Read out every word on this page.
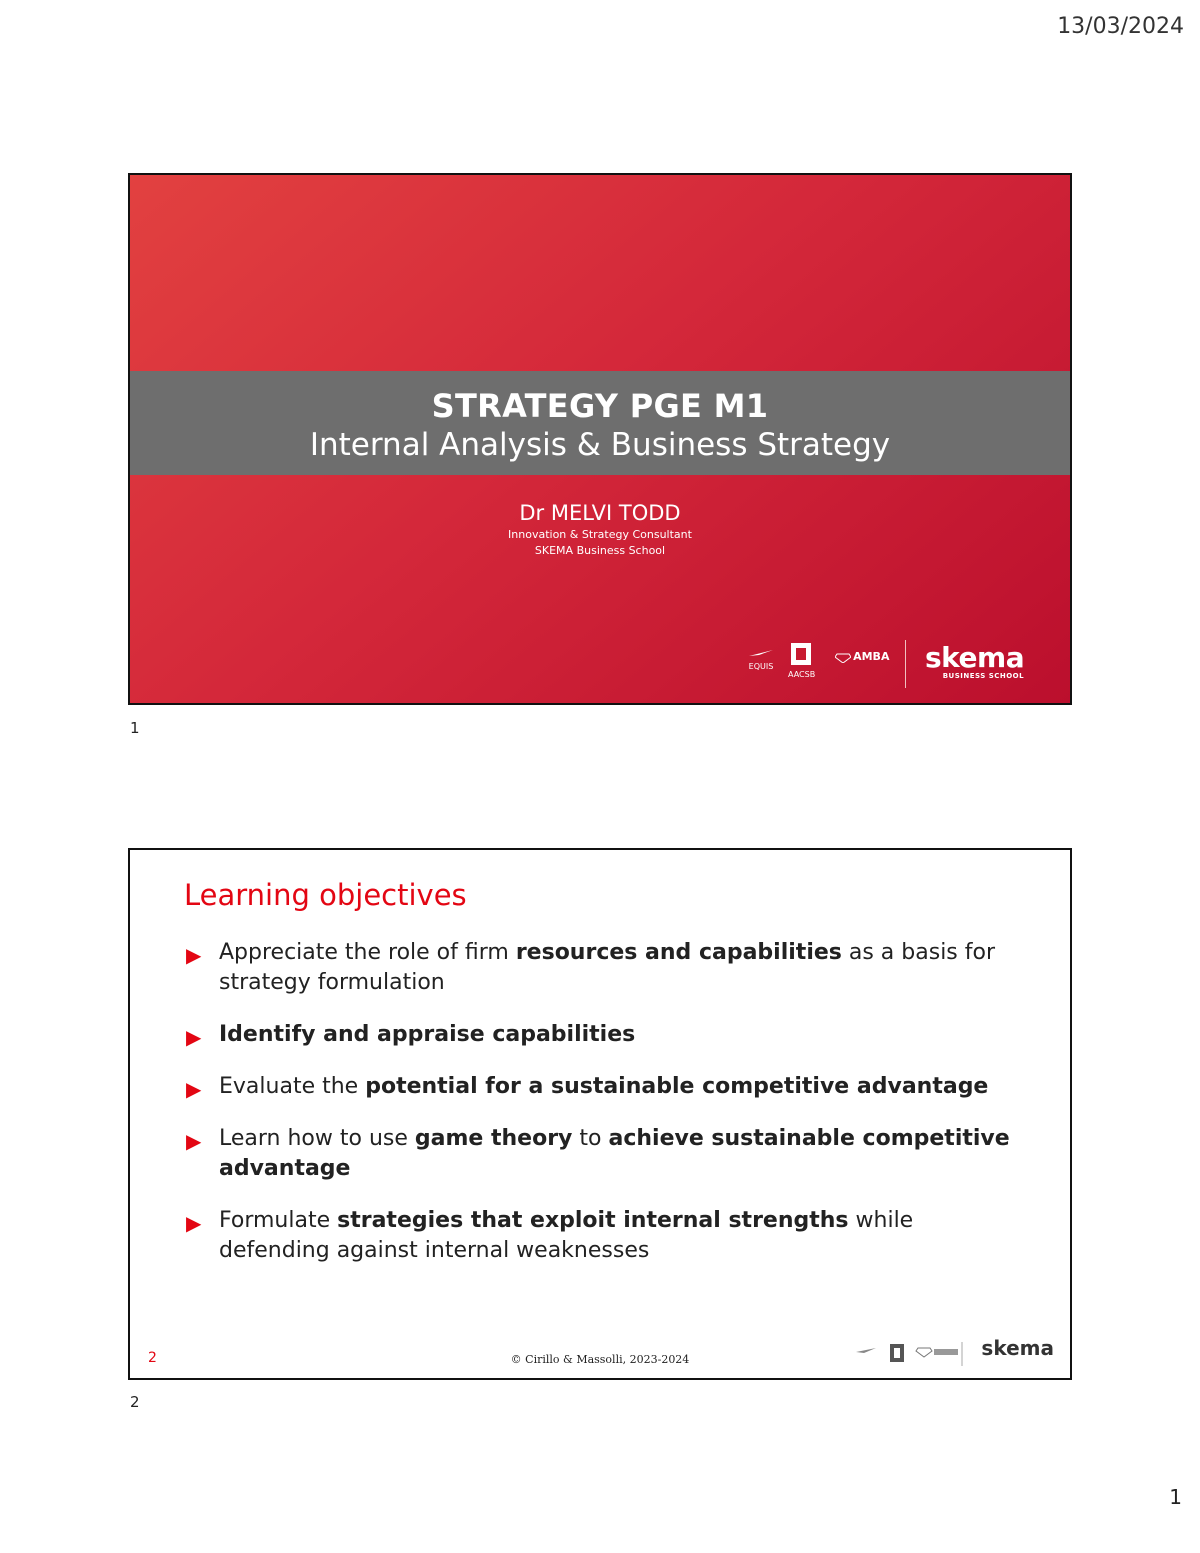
13/03/2024
STRATEGY PGE M1
Internal Analysis & Business Strategy
Dr MELVI TODD
Innovation & Strategy Consultant
SKEMA Business School
EQUIS
AACSB
AMBA skema
BUSINESS SCHOOL
1
Learning objectives
▶ Appreciate the role of firm resources and capabilities as a basis for strategy formulation
▶ Identify and appraise capabilities
▶ Evaluate the potential for a sustainable competitive advantage
▶ Learn how to use game theory to achieve sustainable competitive advantage
▶ Formulate strategies that exploit internal strengths while defending against internal weaknesses
2	© Cirillo & Massolli, 2023-2024	skema

2
1
